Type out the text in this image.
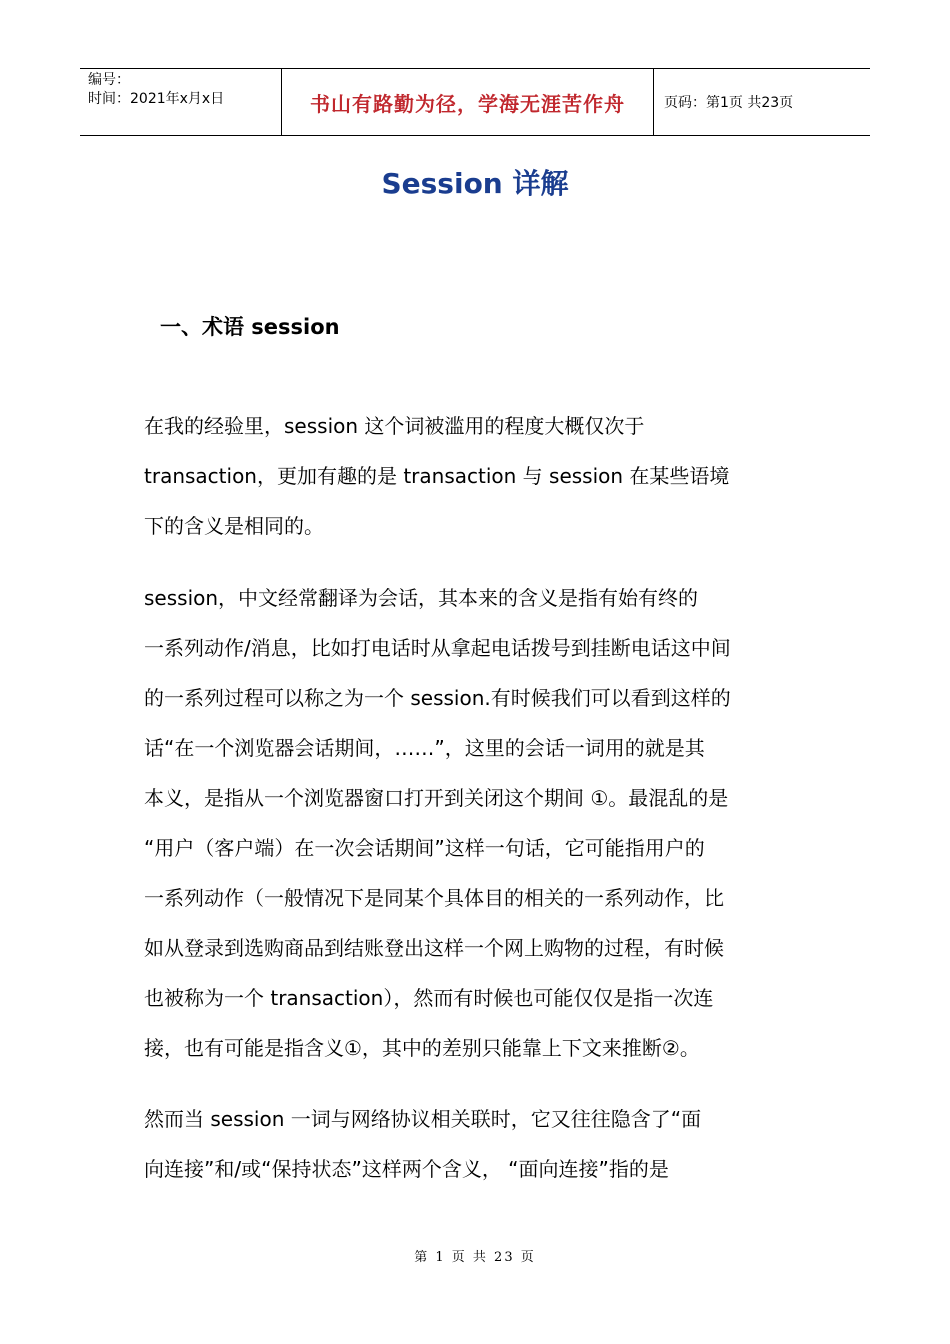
编号：
时间：2021年x月x日	书山有路勤为径，学海无涯苦作舟	页码：第1页 共23页
Session 详解
一、术语 session
在我的经验里，session 这个词被滥用的程度大概仅次于
transaction，更加有趣的是 transaction 与 session 在某些语境
下的含义是相同的。
session，中文经常翻译为会话，其本来的含义是指有始有终的
一系列动作/消息，比如打电话时从拿起电话拨号到挂断电话这中间
的一系列过程可以称之为一个 session.有时候我们可以看到这样的
话“在一个浏览器会话期间，……”，这里的会话一词用的就是其
本义，是指从一个浏览器窗口打开到关闭这个期间 ①。最混乱的是
“用户（客户端）在一次会话期间”这样一句话，它可能指用户的
一系列动作（一般情况下是同某个具体目的相关的一系列动作，比
如从登录到选购商品到结账登出这样一个网上购物的过程，有时候
也被称为一个 transaction），然而有时候也可能仅仅是指一次连
接，也有可能是指含义①，其中的差别只能靠上下文来推断②。
然而当 session 一词与网络协议相关联时，它又往往隐含了“面
向连接”和/或“保持状态”这样两个含义， “面向连接”指的是
第 1 页 共 23 页
